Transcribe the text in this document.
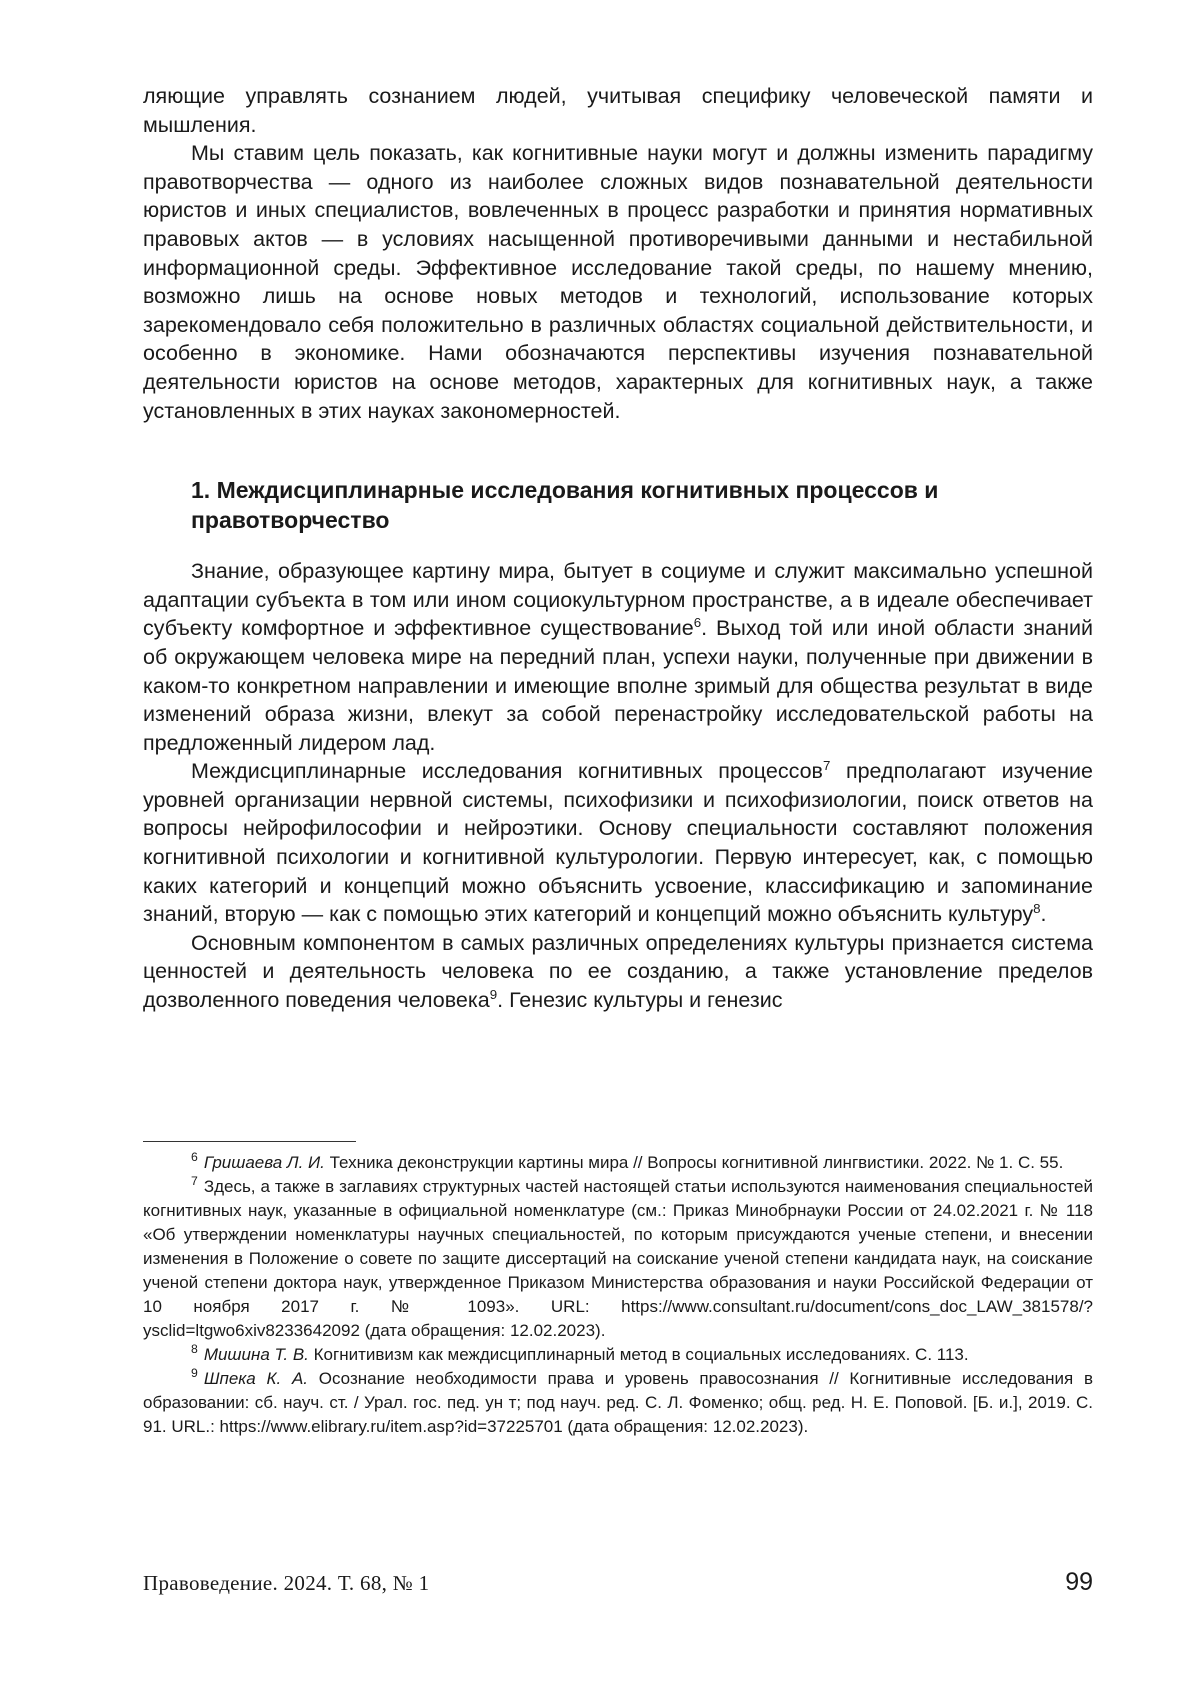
ляющие управлять сознанием людей, учитывая специфику человеческой памяти и мышления.

Мы ставим цель показать, как когнитивные науки могут и должны изменить парадигму правотворчества — одного из наиболее сложных видов познавательной деятельности юристов и иных специалистов, вовлеченных в процесс разработки и принятия нормативных правовых актов — в условиях насыщенной противоречивыми данными и нестабильной информационной среды. Эффективное исследование такой среды, по нашему мнению, возможно лишь на основе новых методов и технологий, использование которых зарекомендовало себя положительно в различных областях социальной действительности, и особенно в экономике. Нами обозначаются перспективы изучения познавательной деятельности юристов на основе методов, характерных для когнитивных наук, а также установленных в этих науках закономерностей.

1. Междисциплинарные исследования когнитивных процессов и правотворчество

Знание, образующее картину мира, бытует в социуме и служит максимально успешной адаптации субъекта в том или ином социокультурном пространстве, а в идеале обеспечивает субъекту комфортное и эффективное существование$^6$. Выход той или иной области знаний об окружающем человека мире на передний план, успехи науки, полученные при движении в каком-то конкретном направлении и имеющие вполне зримый для общества результат в виде изменений образа жизни, влекут за собой перенастройку исследовательской работы на предложенный лидером лад.

Междисциплинарные исследования когнитивных процессов$^7$ предполагают изучение уровней организации нервной системы, психофизики и психофизиологии, поиск ответов на вопросы нейрофилософии и нейроэтики. Основу специальности составляют положения когнитивной психологии и когнитивной культурологии. Первую интересует, как, с помощью каких категорий и концепций можно объяснить усвоение, классификацию и запоминание знаний, вторую — как с помощью этих категорий и концепций можно объяснить культуру$^8$.

Основным компонентом в самых различных определениях культуры признается система ценностей и деятельность человека по ее созданию, а также установление пределов дозволенного поведения человека$^9$. Генезис культуры и генезис

$^6$ Гришаева Л. И. Техника деконструкции картины мира // Вопросы когнитивной лингвистики. 2022. № 1. С. 55.

$^7$ Здесь, а также в заглавиях структурных частей настоящей статьи используются наименования специальностей когнитивных наук, указанные в официальной номенклатуре (см.: Приказ Минобрнауки России от 24.02.2021 г. № 118 «Об утверждении номенклатуры научных специальностей, по которым присуждаются ученые степени, и внесении изменения в Положение о совете по защите диссертаций на соискание ученой степени кандидата наук, на соискание ученой степени доктора наук, утвержденное Приказом Министерства образования и науки Российской Федерации от 10 ноября 2017 г. № 1093». URL: https://www.consultant.ru/document/cons_doc_LAW_381578/?ysclid=ltgwo6xiv8233642092 (дата обращения: 12.02.2023).

$^8$ Мишина Т. В. Когнитивизм как междисциплинарный метод в социальных исследованиях. С. 113.

$^9$ Шпека К. А. Осознание необходимости права и уровень правосознания // Когнитивные исследования в образовании: сб. науч. ст. / Урал. гос. пед. ун т; под науч. ред. С. Л. Фоменко; общ. ред. Н. Е. Поповой. [Б. и.], 2019. С. 91. URL.: https://www.elibrary.ru/item.asp?id=37225701 (дата обращения: 12.02.2023).

Правоведение. 2024. Т. 68, № 1	99
